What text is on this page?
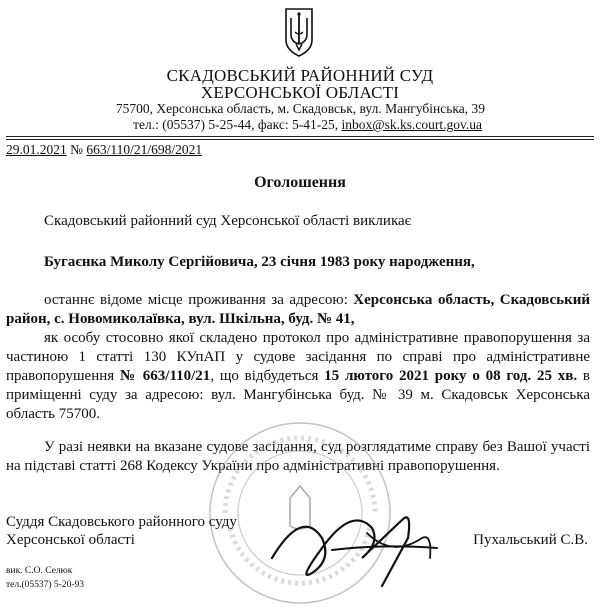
СКАДОВСЬКИЙ РАЙОННИЙ СУД
ХЕРСОНСЬКОЇ ОБЛАСТІ
75700, Херсонська область, м. Скадовськ, вул. Мангубінська, 39
тел.: (05537) 5-25-44, факс: 5-41-25, inbox@sk.ks.court.gov.ua
29.01.2021 № 663/110/21/698/2021
Оголошення
Скадовський районний суд Херсонської області викликає
Бугаєнка Миколу Сергійовича, 23 січня 1983 року народження,

останнє відоме місце проживання за адресою: Херсонська область, Скадовський район, с. Новомиколаївка, вул. Шкільна, буд. № 41,

як особу стосовно якої складено протокол про адміністративне правопорушення за частиною 1 статті 130 КУпАП у судове засідання по справі про адміністративне правопорушення № 663/110/21, що відбудеться 15 лютого 2021 року о 08 год. 25 хв. в приміщенні суду за адресою: вул. Мангубінська буд. № 39 м. Скадовськ Херсонська область 75700.

У разі неявки на вказане судове засідання, суд розглядатиме справу без Вашої участі на підставі статті 268 Кодексу України про адміністративні правопорушення.

Суддя Скадовського районного суду
Херсонської області	Пухальський С.В.
вик. С.О. Селюк
тел.(05537) 5-20-93
